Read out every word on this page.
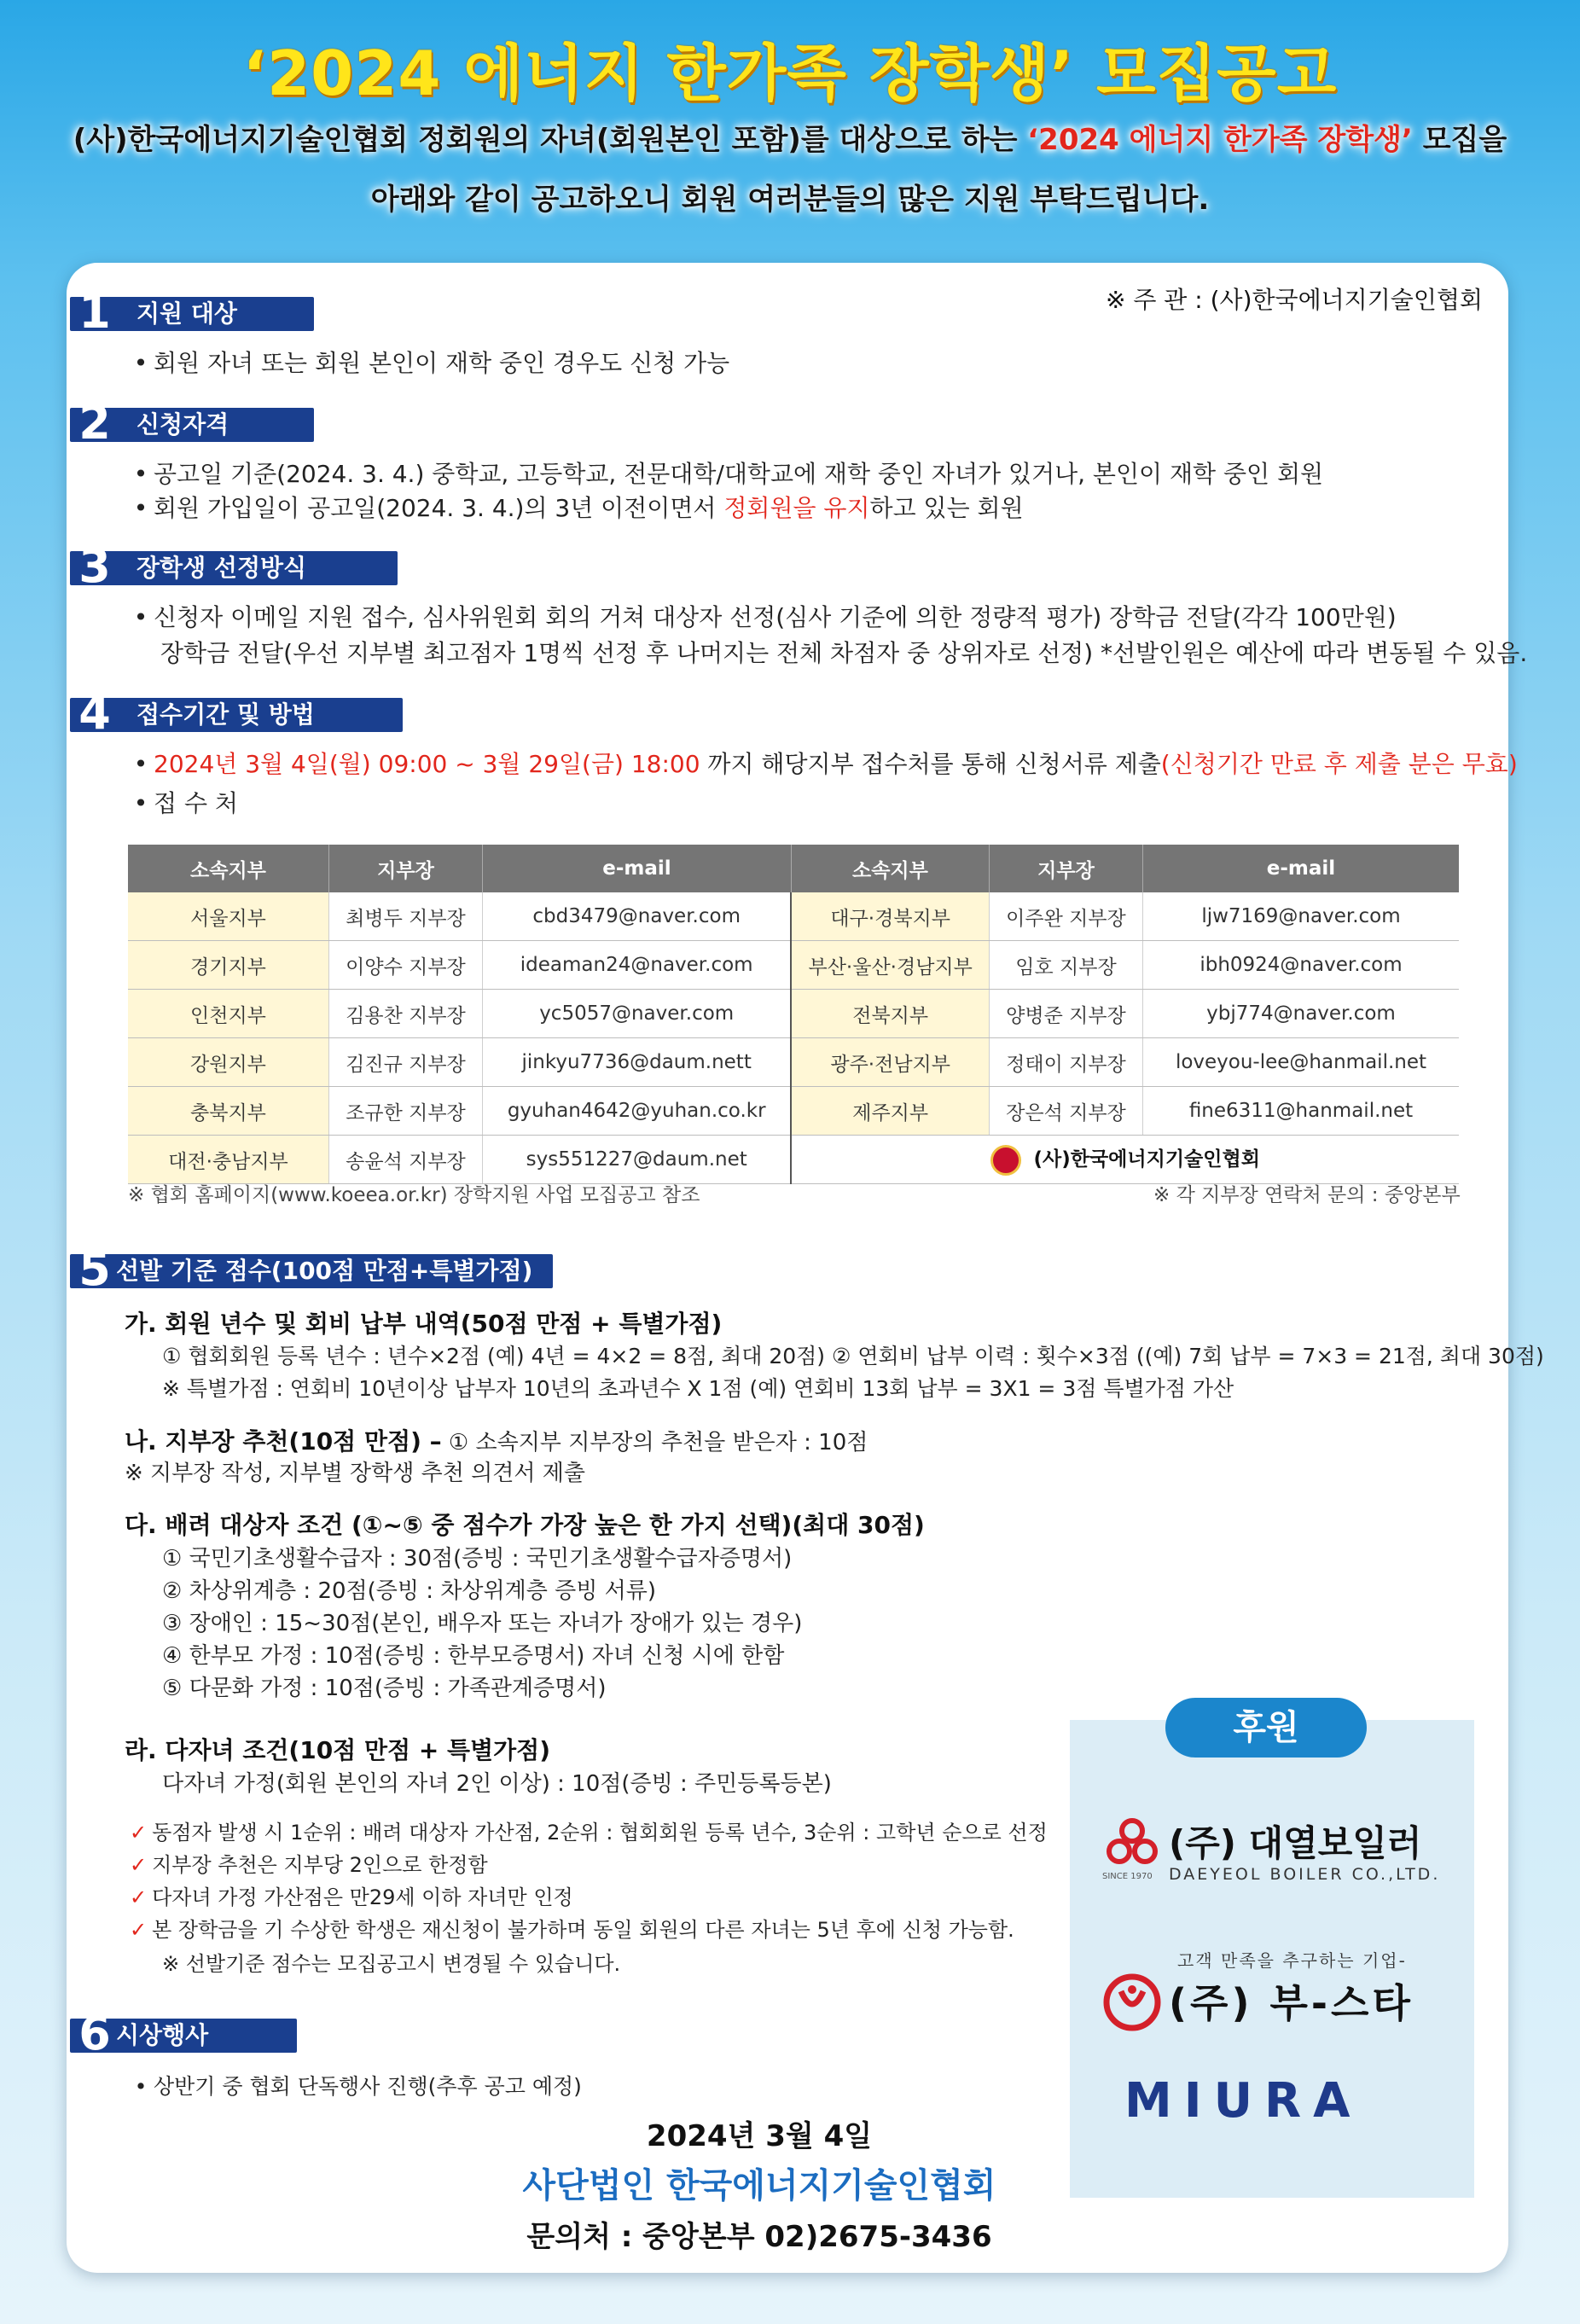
‘2024 에너지 한가족 장학생’ 모집공고
(사)한국에너지기술인협회 정회원의 자녀(회원본인 포함)를 대상으로 하는 ‘2024 에너지 한가족 장학생’ 모집을
아래와 같이 공고하오니 회원 여러분들의 많은 지원 부탁드립니다.
※ 주 관 : (사)한국에너지기술인협회
1	지원 대상
• 회원 자녀 또는 회원 본인이 재학 중인 경우도 신청 가능
2	신청자격
• 공고일 기준(2024. 3. 4.) 중학교, 고등학교, 전문대학/대학교에 재학 중인 자녀가 있거나, 본인이 재학 중인 회원
• 회원 가입일이 공고일(2024. 3. 4.)의 3년 이전이면서 정회원을 유지하고 있는 회원
3	장학생 선정방식
• 신청자 이메일 지원 접수, 심사위원회 회의 거쳐 대상자 선정(심사 기준에 의한 정량적 평가) 장학금 전달(각각 100만원)
장학금 전달(우선 지부별 최고점자 1명씩 선정 후 나머지는 전체 차점자 중 상위자로 선정) *선발인원은 예산에 따라 변동될 수 있음.
4	접수기간 및 방법
• 2024년 3월 4일(월) 09:00 ~ 3월 29일(금) 18:00 까지 해당지부 접수처를 통해 신청서류 제출(신청기간 만료 후 제출 분은 무효)
• 접 수 처
소속지부	지부장	e-mail	소속지부	지부장	e-mail
서울지부	최병두 지부장	cbd3479@naver.com	대구·경북지부	이주완 지부장	ljw7169@naver.com
경기지부	이양수 지부장	ideaman24@naver.com	부산·울산·경남지부	임호 지부장	ibh0924@naver.com
인천지부	김용찬 지부장	yc5057@naver.com	전북지부	양병준 지부장	ybj774@naver.com
강원지부	김진규 지부장	jinkyu7736@daum.nett	광주·전남지부	정태이 지부장	loveyou-lee@hanmail.net
충북지부	조규한 지부장	gyuhan4642@yuhan.co.kr	제주지부	장은석 지부장	fine6311@hanmail.net
대전·충남지부	송윤석 지부장	sys551227@daum.net	(사)한국에너지기술인협회		
※ 협회 홈페이지(www.koeea.or.kr) 장학지원 사업 모집공고 참조	※ 각 지부장 연락처 문의 : 중앙본부
5 선발 기준 점수(100점 만점+특별가점)
가. 회원 년수 및 회비 납부 내역(50점 만점 + 특별가점)
① 협회회원 등록 년수 : 년수×2점 (예) 4년 = 4×2 = 8점, 최대 20점) ② 연회비 납부 이력 : 횟수×3점 ((예) 7회 납부 = 7×3 = 21점, 최대 30점)
※ 특별가점 : 연회비 10년이상 납부자 10년의 초과년수 X 1점 (예) 연회비 13회 납부 = 3X1 = 3점 특별가점 가산
나. 지부장 추천(10점 만점) – ① 소속지부 지부장의 추천을 받은자 : 10점
※ 지부장 작성, 지부별 장학생 추천 의견서 제출
다. 배려 대상자 조건 (①~⑤ 중 점수가 가장 높은 한 가지 선택)(최대 30점)
① 국민기초생활수급자 : 30점(증빙 : 국민기초생활수급자증명서)
② 차상위계층 : 20점(증빙 : 차상위계층 증빙 서류)
③ 장애인 : 15~30점(본인, 배우자 또는 자녀가 장애가 있는 경우)
④ 한부모 가정 : 10점(증빙 : 한부모증명서) 자녀 신청 시에 한함
⑤ 다문화 가정 : 10점(증빙 : 가족관계증명서)
라. 다자녀 조건(10점 만점 + 특별가점)
다자녀 가정(회원 본인의 자녀 2인 이상) : 10점(증빙 : 주민등록등본)
✓ 동점자 발생 시 1순위 : 배려 대상자 가산점, 2순위 : 협회회원 등록 년수, 3순위 : 고학년 순으로 선정
✓ 지부장 추천은 지부당 2인으로 한정함
✓ 다자녀 가정 가산점은 만29세 이하 자녀만 인정
✓ 본 장학금을 기 수상한 학생은 재신청이 불가하며 동일 회원의 다른 자녀는 5년 후에 신청 가능함.
※ 선발기준 점수는 모집공고시 변경될 수 있습니다.
6 시상행사
• 상반기 중 협회 단독행사 진행(추후 공고 예정)
2024년 3월 4일
사단법인 한국에너지기술인협회
문의처 : 중앙본부 02)2675-3436
후원
(주) 대열보일러
SINCE 1970 DAEYEOL BOILER CO.,LTD.
고객 만족을 추구하는 기업-
(주) 부-스타
MIURA
